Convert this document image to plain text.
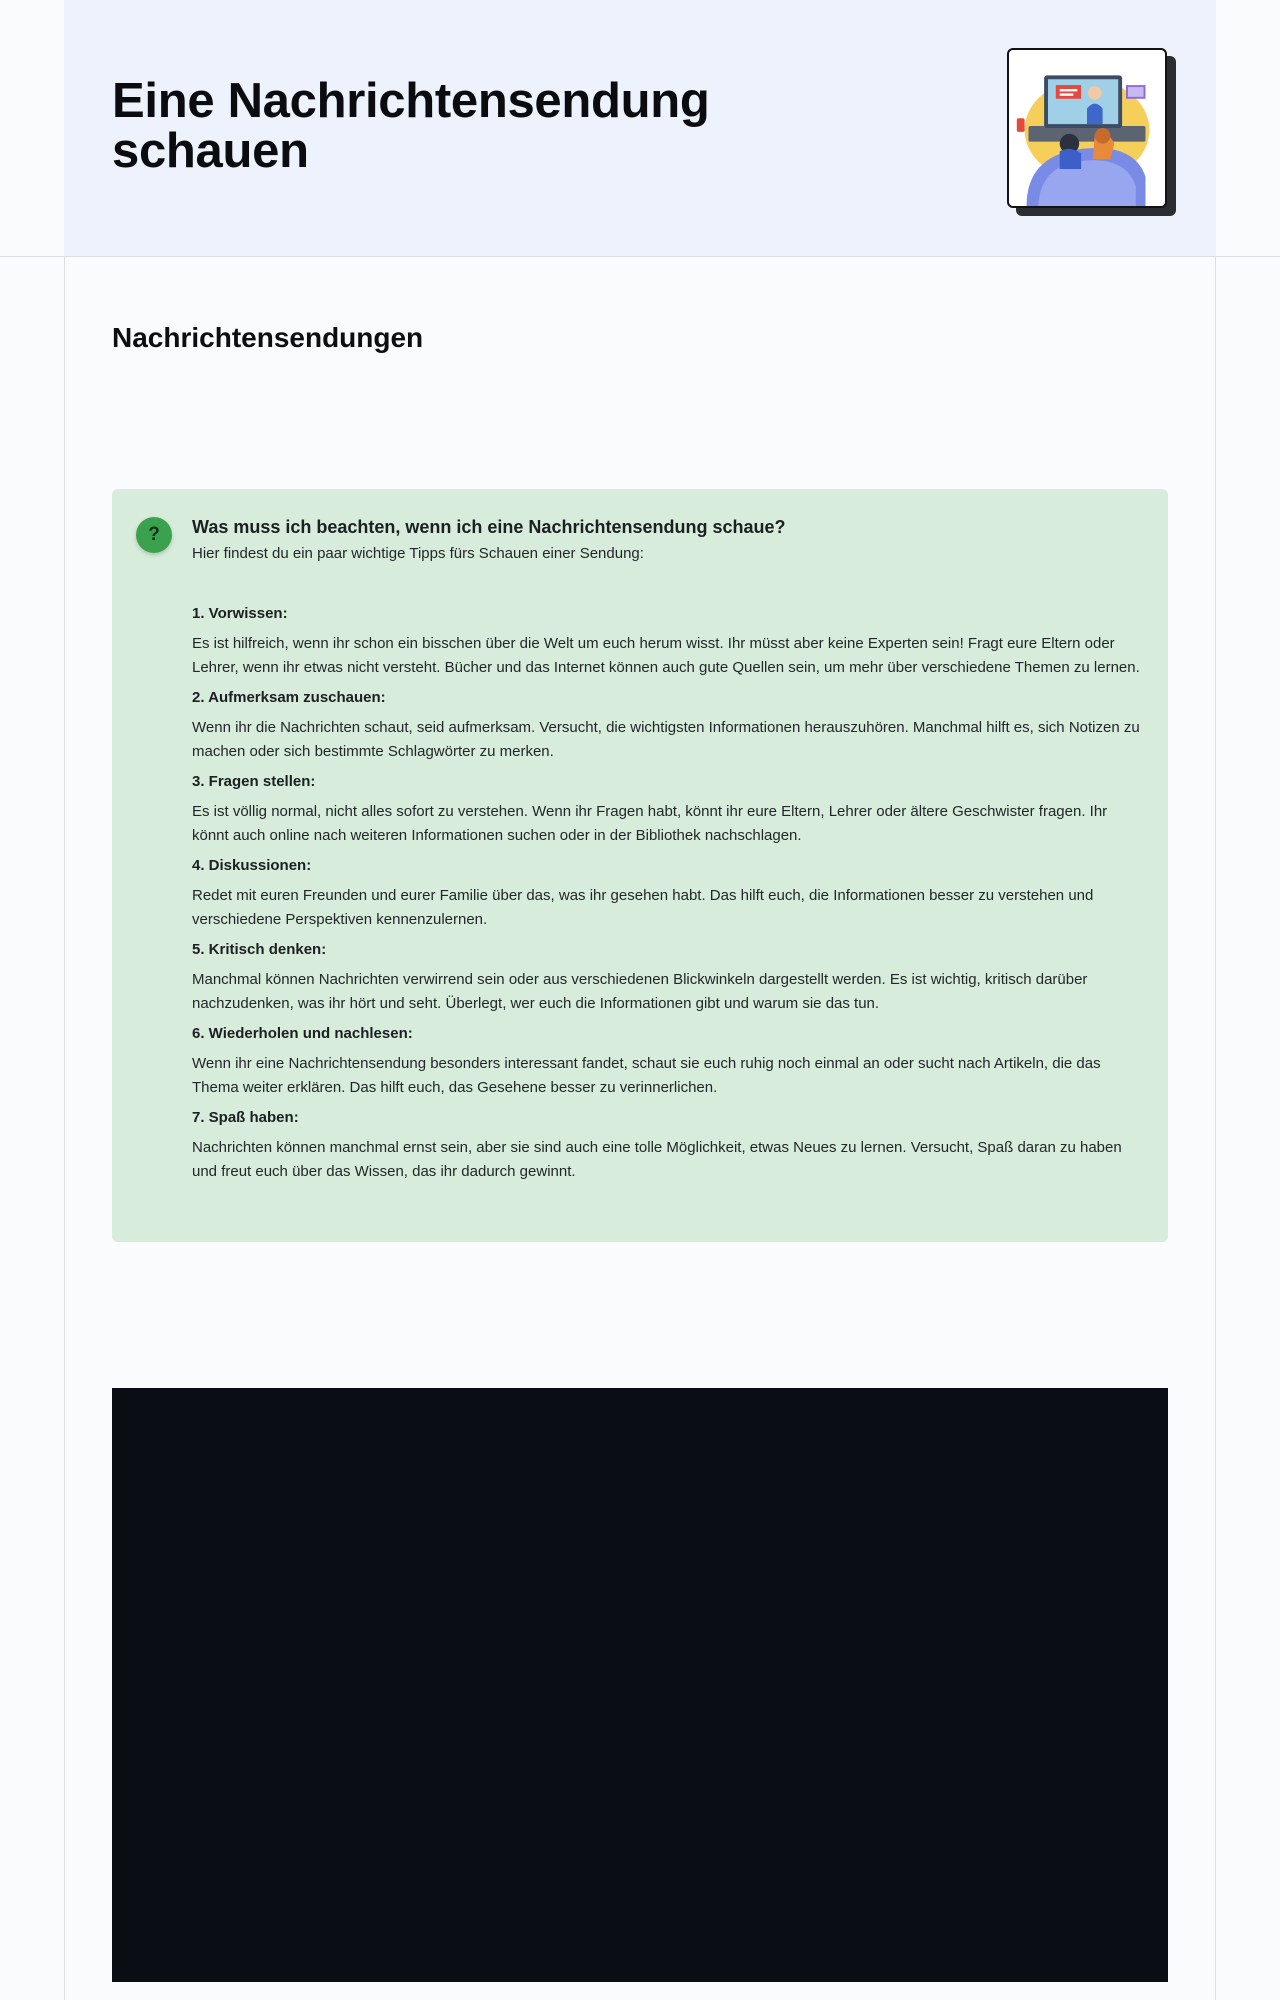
Eine Nachrichtensendung schauen
Nachrichtensendungen
?	Was muss ich beachten, wenn ich eine Nachrichtensendung schaue?
Hier findest du ein paar wichtige Tipps fürs Schauen einer Sendung:
1. Vorwissen:
Es ist hilfreich, wenn ihr schon ein bisschen über die Welt um euch herum wisst. Ihr müsst aber keine Experten sein! Fragt eure Eltern oder Lehrer, wenn ihr etwas nicht versteht. Bücher und das Internet können auch gute Quellen sein, um mehr über verschiedene Themen zu lernen.
2. Aufmerksam zuschauen:
Wenn ihr die Nachrichten schaut, seid aufmerksam. Versucht, die wichtigsten Informationen herauszuhören. Manchmal hilft es, sich Notizen zu machen oder sich bestimmte Schlagwörter zu merken.
3. Fragen stellen:
Es ist völlig normal, nicht alles sofort zu verstehen. Wenn ihr Fragen habt, könnt ihr eure Eltern, Lehrer oder ältere Geschwister fragen. Ihr könnt auch online nach weiteren Informationen suchen oder in der Bibliothek nachschlagen.
4. Diskussionen:
Redet mit euren Freunden und eurer Familie über das, was ihr gesehen habt. Das hilft euch, die Informationen besser zu verstehen und verschiedene Perspektiven kennenzulernen.
5. Kritisch denken:
Manchmal können Nachrichten verwirrend sein oder aus verschiedenen Blickwinkeln dargestellt werden. Es ist wichtig, kritisch darüber nachzudenken, was ihr hört und seht. Überlegt, wer euch die Informationen gibt und warum sie das tun.
6. Wiederholen und nachlesen:
Wenn ihr eine Nachrichtensendung besonders interessant fandet, schaut sie euch ruhig noch einmal an oder sucht nach Artikeln, die das Thema weiter erklären. Das hilft euch, das Gesehene besser zu verinnerlichen.
7. Spaß haben:
Nachrichten können manchmal ernst sein, aber sie sind auch eine tolle Möglichkeit, etwas Neues zu lernen. Versucht, Spaß daran zu haben und freut euch über das Wissen, das ihr dadurch gewinnt.
